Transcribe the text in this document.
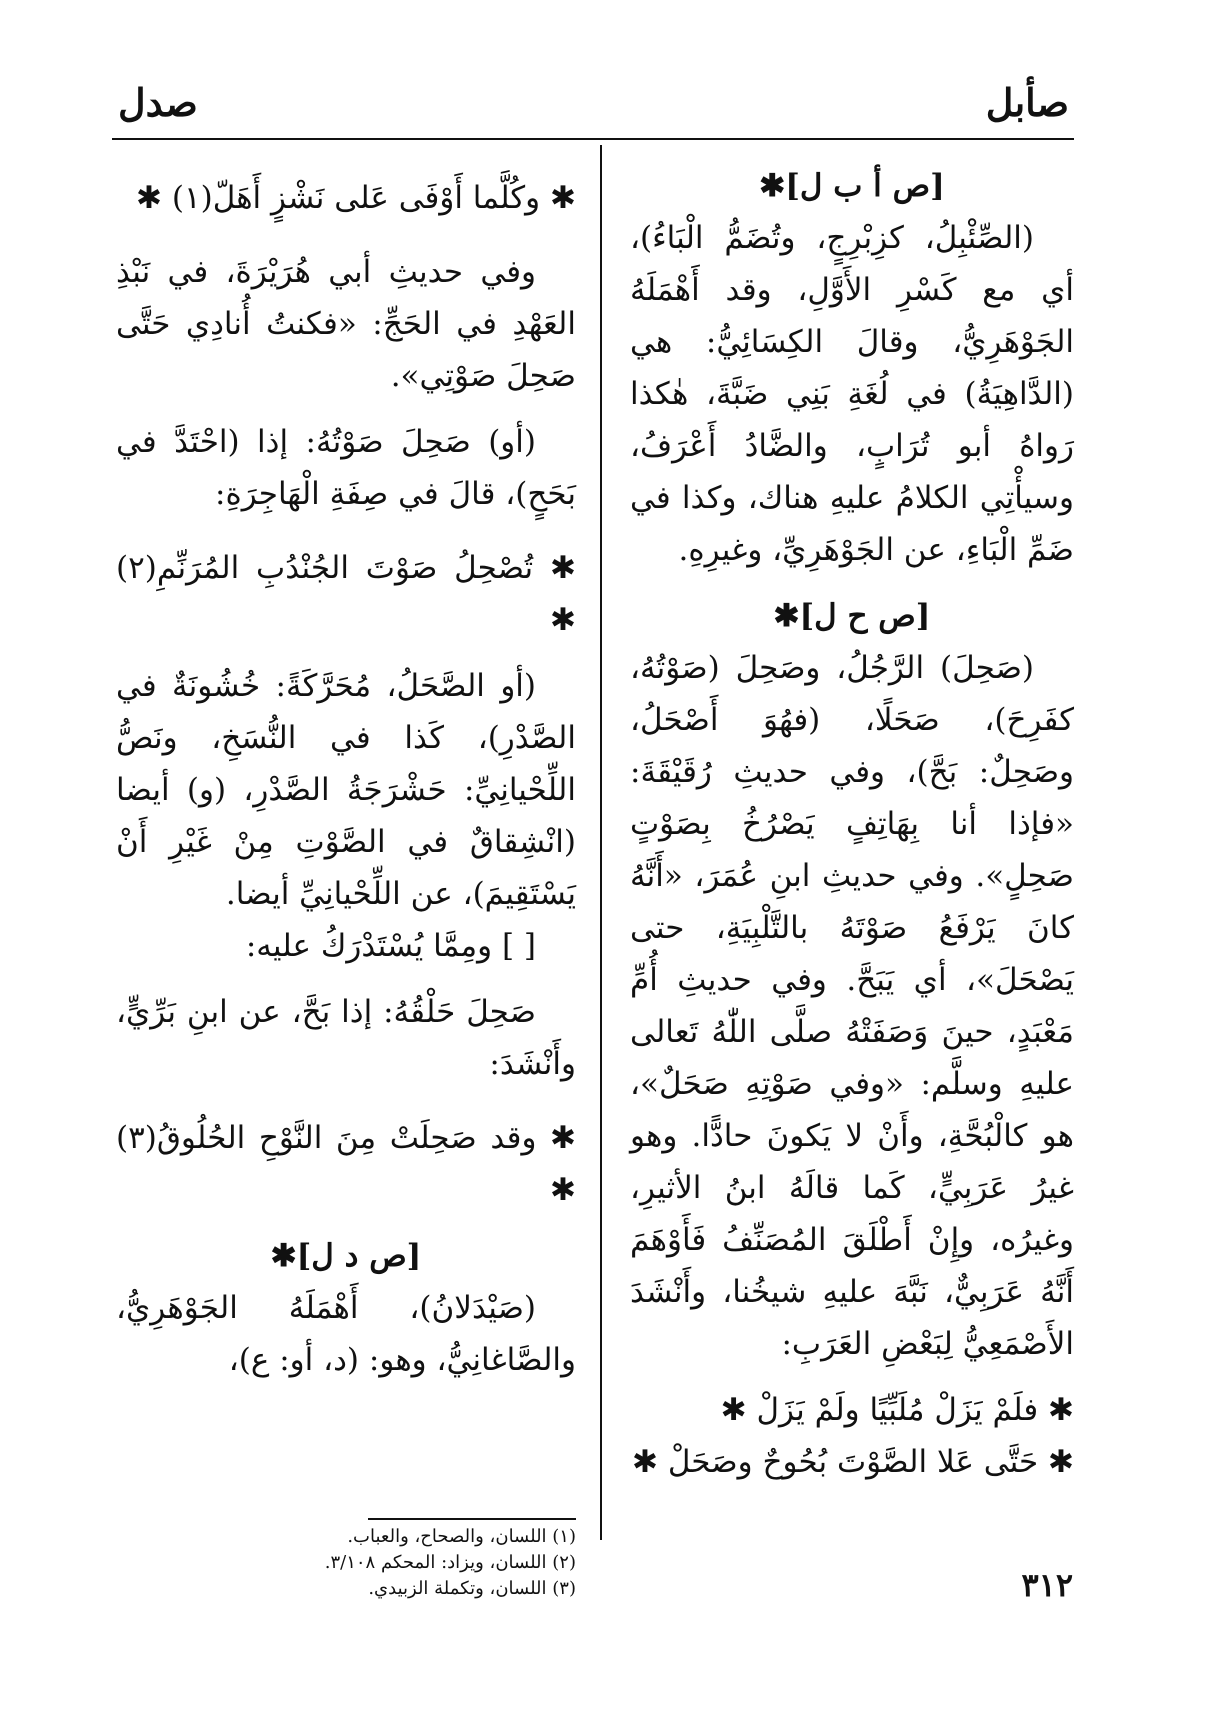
صأبل
صدل

[ص أ ب ل]✱

(الصِّئْبِلُ، كزِبْرِجٍ، وتُضَمُّ الْبَاءُ)، أي مع كَسْرِ الأَوَّلِ، وقد أَهْمَلَهُ الجَوْهَرِيُّ، وقالَ الكِسَائِيُّ: هي (الدَّاهِيَةُ) في لُغَةِ بَنِي ضَبَّةَ، هٰكذا رَواهُ أبو تُرَابٍ، والضَّادُ أَعْرَفُ، وسيأْتِي الكلامُ عليهِ هناك، وكذا في ضَمِّ الْبَاءِ، عن الجَوْهَرِيِّ، وغيرِهِ.

[ص ح ل]✱

(صَحِلَ) الرَّجُلُ، وصَحِلَ (صَوْتُهُ، كفَرِحَ)، صَحَلًا، (فهُوَ أَصْحَلُ، وصَحِلٌ: بَحَّ)، وفي حديثِ رُقَيْقَةَ: «فإذا أنا بِهَاتِفٍ يَصْرُخُ بِصَوْتٍ صَحِلٍ». وفي حديثِ ابنِ عُمَرَ، «أَنَّهُ كانَ يَرْفَعُ صَوْتَهُ بالتَّلْبِيَةِ، حتى يَصْحَلَ»، أي يَبَحَّ. وفي حديثِ أُمِّ مَعْبَدٍ، حينَ وَصَفَتْهُ صلَّى اللّٰهُ تَعالى عليهِ وسلَّم: «وفي صَوْتِهِ صَحَلٌ»، هو كالْبُحَّةِ، وأَنْ لا يَكونَ حادًّا. وهو غيرُ عَرَبِيٍّ، كَما قالَهُ ابنُ الأثيرِ، وغيرُه، وإِنْ أَطْلَقَ المُصَنِّفُ فَأَوْهَمَ أَنَّهُ عَرَبِيٌّ، نَبَّهَ عليهِ شيخُنا، وأَنْشَدَ الأَصْمَعِيُّ لِبَعْضِ العَرَبِ:

✱ فلَمْ يَزَلْ مُلَبِّيًا ولَمْ يَزَلْ ✱

✱ حَتَّى عَلا الصَّوْتَ بُحُوحٌ وصَحَلْ ✱

✱ وكُلَّما أَوْفَى عَلى نَشْزٍ أَهَلّ(١) ✱

وفي حديثِ أبي هُرَيْرَةَ، في نَبْذِ العَهْدِ في الحَجِّ: «فكنتُ أُنادِي حَتَّى صَحِلَ صَوْتِي».

(أو) صَحِلَ صَوْتُهُ: إذا (احْتَدَّ في بَحَحٍ)، قالَ في صِفَةِ الْهَاجِرَةِ:

✱ تُصْحِلُ صَوْتَ الجُنْدُبِ المُرَنِّمِ(٢) ✱

(أو الصَّحَلُ، مُحَرَّكَةً: خُشُونَةٌ في الصَّدْرِ)، كَذا في النُّسَخِ، ونَصُّ اللِّحْيانِيِّ: حَشْرَجَةُ الصَّدْرِ، (و) أيضا (انْشِقاقٌ في الصَّوْتِ مِنْ غَيْرِ أَنْ يَسْتَقِيمَ)، عن اللِّحْيانِيِّ أيضا.

[ ] ومِمَّا يُسْتَدْرَكُ عليه:

صَحِلَ حَلْقُهُ: إذا بَحَّ، عن ابنِ بَرِّيٍّ، وأَنْشَدَ:

✱ وقد صَحِلَتْ مِنَ النَّوْحِ الحُلُوقُ(٣) ✱

[ص د ل]✱

(صَيْدَلانُ)، أَهْمَلَهُ الجَوْهَرِيُّ، والصَّاغانِيُّ، وهو: (د، أو: ع)،

(١) اللسان، والصحاح، والعباب.
(٢) اللسان، ويزاد: المحكم ٣/١٠٨.
(٣) اللسان، وتكملة الزبيدي.	٣١٢
